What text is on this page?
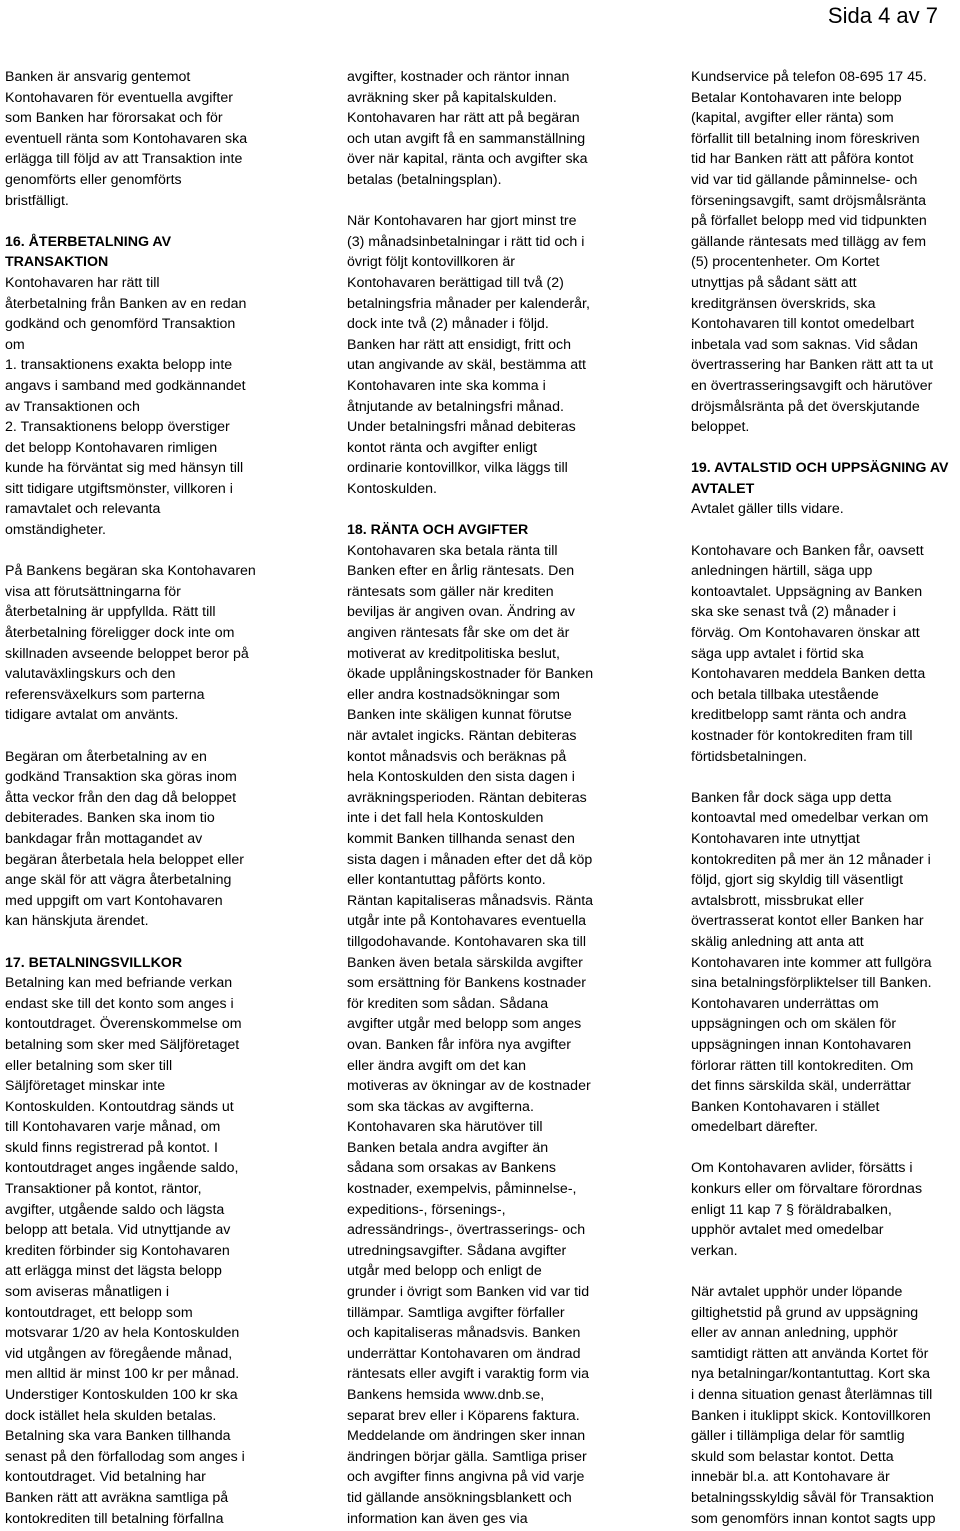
Sida 4 av 7

Banken är ansvarig gentemot
Kontohavaren för eventuella avgifter
som Banken har förorsakat och för
eventuell ränta som Kontohavaren ska
erlägga till följd av att Transaktion inte
genomförts eller genomförts
bristfälligt.

16. ÅTERBETALNING AV
TRANSAKTION

Kontohavaren har rätt till
återbetalning från Banken av en redan
godkänd och genomförd Transaktion
om
1. transaktionens exakta belopp inte
angavs i samband med godkännandet
av Transaktionen och
2. Transaktionens belopp överstiger
det belopp Kontohavaren rimligen
kunde ha förväntat sig med hänsyn till
sitt tidigare utgiftsmönster, villkoren i
ramavtalet och relevanta
omständigheter.

På Bankens begäran ska Kontohavaren
visa att förutsättningarna för
återbetalning är uppfyllda. Rätt till
återbetalning föreligger dock inte om
skillnaden avseende beloppet beror på
valutaväxlingskurs och den
referensväxelkurs som parterna
tidigare avtalat om använts.

Begäran om återbetalning av en
godkänd Transaktion ska göras inom
åtta veckor från den dag då beloppet
debiterades. Banken ska inom tio
bankdagar från mottagandet av
begäran återbetala hela beloppet eller
ange skäl för att vägra återbetalning
med uppgift om vart Kontohavaren
kan hänskjuta ärendet.

17. BETALNINGSVILLKOR

Betalning kan med befriande verkan
endast ske till det konto som anges i
kontoutdraget. Överenskommelse om
betalning som sker med Säljföretaget
eller betalning som sker till
Säljföretaget minskar inte
Kontoskulden. Kontoutdrag sänds ut
till Kontohavaren varje månad, om
skuld finns registrerad på kontot. I
kontoutdraget anges ingående saldo,
Transaktioner på kontot, räntor,
avgifter, utgående saldo och lägsta
belopp att betala. Vid utnyttjande av
krediten förbinder sig Kontohavaren
att erlägga minst det lägsta belopp
som aviseras månatligen i
kontoutdraget, ett belopp som
motsvarar 1/20 av hela Kontoskulden
vid utgången av föregående månad,
men alltid är minst 100 kr per månad.
Understiger Kontoskulden 100 kr ska
dock istället hela skulden betalas.
Betalning ska vara Banken tillhanda
senast på den förfallodag som anges i
kontoutdraget. Vid betalning har
Banken rätt att avräkna samtliga på
kontokrediten till betalning förfallna

avgifter, kostnader och räntor innan
avräkning sker på kapitalskulden.
Kontohavaren har rätt att på begäran
och utan avgift få en sammanställning
över när kapital, ränta och avgifter ska
betalas (betalningsplan).

När Kontohavaren har gjort minst tre
(3) månadsinbetalningar i rätt tid och i
övrigt följt kontovillkoren är
Kontohavaren berättigad till två (2)
betalningsfria månader per kalenderår,
dock inte två (2) månader i följd.
Banken har rätt att ensidigt, fritt och
utan angivande av skäl, bestämma att
Kontohavaren inte ska komma i
åtnjutande av betalningsfri månad.
Under betalningsfri månad debiteras
kontot ränta och avgifter enligt
ordinarie kontovillkor, vilka läggs till
Kontoskulden.

18. RÄNTA OCH AVGIFTER

Kontohavaren ska betala ränta till
Banken efter en årlig räntesats. Den
räntesats som gäller när krediten
beviljas är angiven ovan. Ändring av
angiven räntesats får ske om det är
motiverat av kreditpolitiska beslut,
ökade upplåningskostnader för Banken
eller andra kostnadsökningar som
Banken inte skäligen kunnat förutse
när avtalet ingicks. Räntan debiteras
kontot månadsvis och beräknas på
hela Kontoskulden den sista dagen i
avräkningsperioden. Räntan debiteras
inte i det fall hela Kontoskulden
kommit Banken tillhanda senast den
sista dagen i månaden efter det då köp
eller kontantuttag påförts konto.
Räntan kapitaliseras månadsvis. Ränta
utgår inte på Kontohavares eventuella
tillgodohavande. Kontohavaren ska till
Banken även betala särskilda avgifter
som ersättning för Bankens kostnader
för krediten som sådan. Sådana
avgifter utgår med belopp som anges
ovan. Banken får införa nya avgifter
eller ändra avgift om det kan
motiveras av ökningar av de kostnader
som ska täckas av avgifterna.
Kontohavaren ska härutöver till
Banken betala andra avgifter än
sådana som orsakas av Bankens
kostnader, exempelvis, påminnelse-,
expeditions-, försenings-,
adressändrings-, övertrasserings- och
utredningsavgifter. Sådana avgifter
utgår med belopp och enligt de
grunder i övrigt som Banken vid var tid
tillämpar. Samtliga avgifter förfaller
och kapitaliseras månadsvis. Banken
underrättar Kontohavaren om ändrad
räntesats eller avgift i varaktig form via
Bankens hemsida www.dnb.se,
separat brev eller i Köparens faktura.
Meddelande om ändringen sker innan
ändringen börjar gälla. Samtliga priser
och avgifter finns angivna på vid varje
tid gällande ansökningsblankett och
information kan även ges via

Kundservice på telefon 08-695 17 45.
Betalar Kontohavaren inte belopp
(kapital, avgifter eller ränta) som
förfallit till betalning inom föreskriven
tid har Banken rätt att påföra kontot
vid var tid gällande påminnelse- och
förseningsavgift, samt dröjsmålsränta
på förfallet belopp med vid tidpunkten
gällande räntesats med tillägg av fem
(5) procentenheter. Om Kortet
utnyttjas på sådant sätt att
kreditgränsen överskrids, ska
Kontohavaren till kontot omedelbart
inbetala vad som saknas. Vid sådan
övertrassering har Banken rätt att ta ut
en övertrasseringsavgift och härutöver
dröjsmålsränta på det överskjutande
beloppet.

19. AVTALSTID OCH UPPSÄGNING AV
AVTALET

Avtalet gäller tills vidare.

Kontohavare och Banken får, oavsett
anledningen härtill, säga upp
kontoavtalet. Uppsägning av Banken
ska ske senast två (2) månader i
förväg. Om Kontohavaren önskar att
säga upp avtalet i förtid ska
Kontohavaren meddela Banken detta
och betala tillbaka utestående
kreditbelopp samt ränta och andra
kostnader för kontokrediten fram till
förtidsbetalningen.

Banken får dock säga upp detta
kontoavtal med omedelbar verkan om
Kontohavaren inte utnyttjat
kontokrediten på mer än 12 månader i
följd, gjort sig skyldig till väsentligt
avtalsbrott, missbrukat eller
övertrasserat kontot eller Banken har
skälig anledning att anta att
Kontohavaren inte kommer att fullgöra
sina betalningsförpliktelser till Banken.
Kontohavaren underrättas om
uppsägningen och om skälen för
uppsägningen innan Kontohavaren
förlorar rätten till kontokrediten. Om
det finns särskilda skäl, underrättar
Banken Kontohavaren i stället
omedelbart därefter.

Om Kontohavaren avlider, försätts i
konkurs eller om förvaltare förordnas
enligt 11 kap 7 § föräldrabalken,
upphör avtalet med omedelbar
verkan.

När avtalet upphör under löpande
giltighetstid på grund av uppsägning
eller av annan anledning, upphör
samtidigt rätten att använda Kortet för
nya betalningar/kontantuttag. Kort ska
i denna situation genast återlämnas till
Banken i ituklippt skick. Kontovillkoren
gäller i tillämpliga delar för samtlig
skuld som belastar kontot. Detta
innebär bl.a. att Kontohavare är
betalningsskyldig såväl för Transaktion
som genomförs innan kontot sagts upp
